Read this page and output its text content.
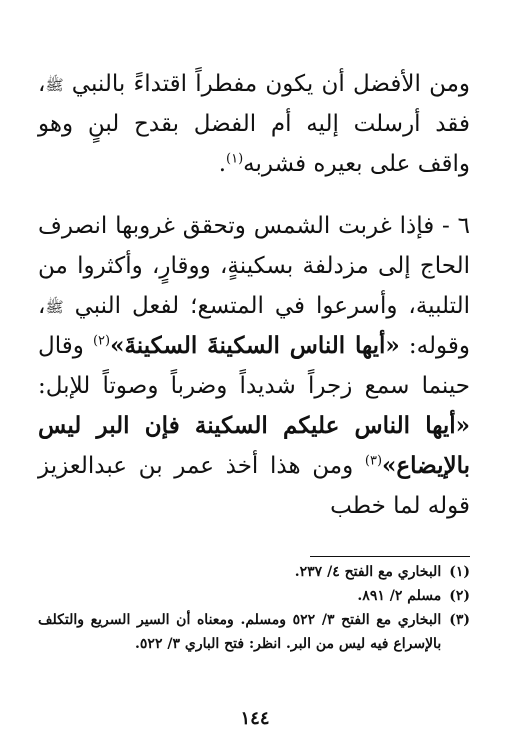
ومن الأفضل أن يكون مفطراً اقتداءً بالنبي ﷺ، فقد أرسلت إليه أم الفضل بقدح لبنٍ وهو واقف على بعيره فشربه$^{(١)}$.

٦ - فإذا غربت الشمس وتحقق غروبها انصرف الحاج إلى مزدلفة بسكينةٍ، ووقارٍ، وأكثروا من التلبية، وأسرعوا في المتسع؛ لفعل النبي ﷺ، وقوله: «أيها الناس السكينةَ السكينةَ»$^{(٢)}$ وقال حينما سمع زجراً شديداً وضرباً وصوتاً للإبل: «أيها الناس عليكم السكينة فإن البر ليس بالإيضاع»$^{(٣)}$ ومن هذا أخذ عمر بن عبدالعزيز قوله لما خطب

(١)
البخاري مع الفتح ٤/ ٢٣٧.

(٢)
مسلم ٢/ ٨٩١.

(٣)
البخاري مع الفتح ٣/ ٥٢٢ ومسلم. ومعناه أن السير السريع والتكلف بالإسراع فيه ليس من البر. انظر: فتح الباري ٣/ ٥٢٢.

١٤٤
